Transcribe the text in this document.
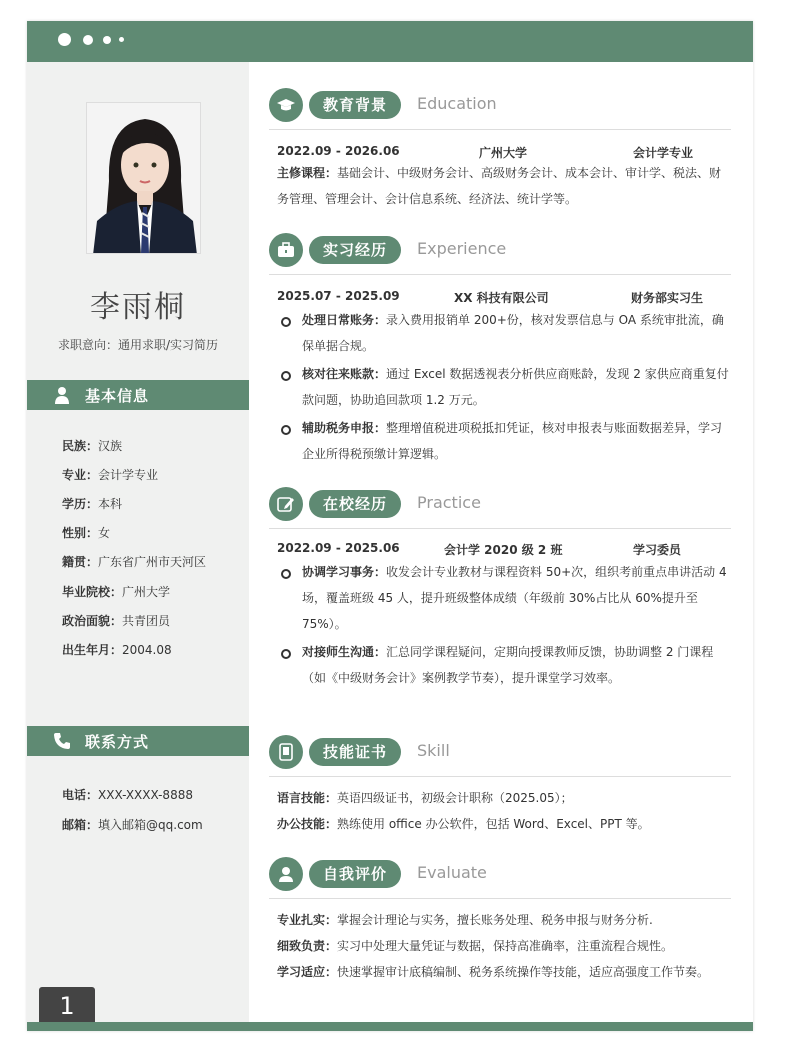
李雨桐
求职意向：通用求职/实习简历
基本信息
民族：汉族
专业：会计学专业
学历：本科
性别：女
籍贯：广东省广州市天河区
毕业院校：广州大学
政治面貌：共青团员
出生年月：2004.08
联系方式
电话：XXX-XXXX-8888
邮箱：填入邮箱@qq.com
1
教育背景	Education
2022.09 - 2026.06	广州大学	会计学专业
主修课程：基础会计、中级财务会计、高级财务会计、成本会计、审计学、税法、财务管理、管理会计、会计信息系统、经济法、统计学等。
实习经历	Experience
2025.07 - 2025.09	XX 科技有限公司	财务部实习生
处理日常账务：录入费用报销单 200+份，核对发票信息与 OA 系统审批流，确保单据合规。
核对往来账款：通过 Excel 数据透视表分析供应商账龄，发现 2 家供应商重复付款问题，协助追回款项 1.2 万元。
辅助税务申报：整理增值税进项税抵扣凭证，核对申报表与账面数据差异，学习企业所得税预缴计算逻辑。
在校经历	Practice
2022.09 - 2025.06	会计学 2020 级 2 班	学习委员
协调学习事务：收发会计专业教材与课程资料 50+次，组织考前重点串讲活动 4 场，覆盖班级 45 人，提升班级整体成绩（年级前 30%占比从 60%提升至 75%）。
对接师生沟通：汇总同学课程疑问，定期向授课教师反馈，协助调整 2 门课程（如《中级财务会计》案例教学节奏），提升课堂学习效率。
技能证书	Skill
语言技能：英语四级证书，初级会计职称（2025.05）；
办公技能：熟练使用 office 办公软件，包括 Word、Excel、PPT 等。
自我评价	Evaluate
专业扎实：掌握会计理论与实务，擅长账务处理、税务申报与财务分析.
细致负责：实习中处理大量凭证与数据，保持高准确率，注重流程合规性。
学习适应：快速掌握审计底稿编制、税务系统操作等技能，适应高强度工作节奏。
